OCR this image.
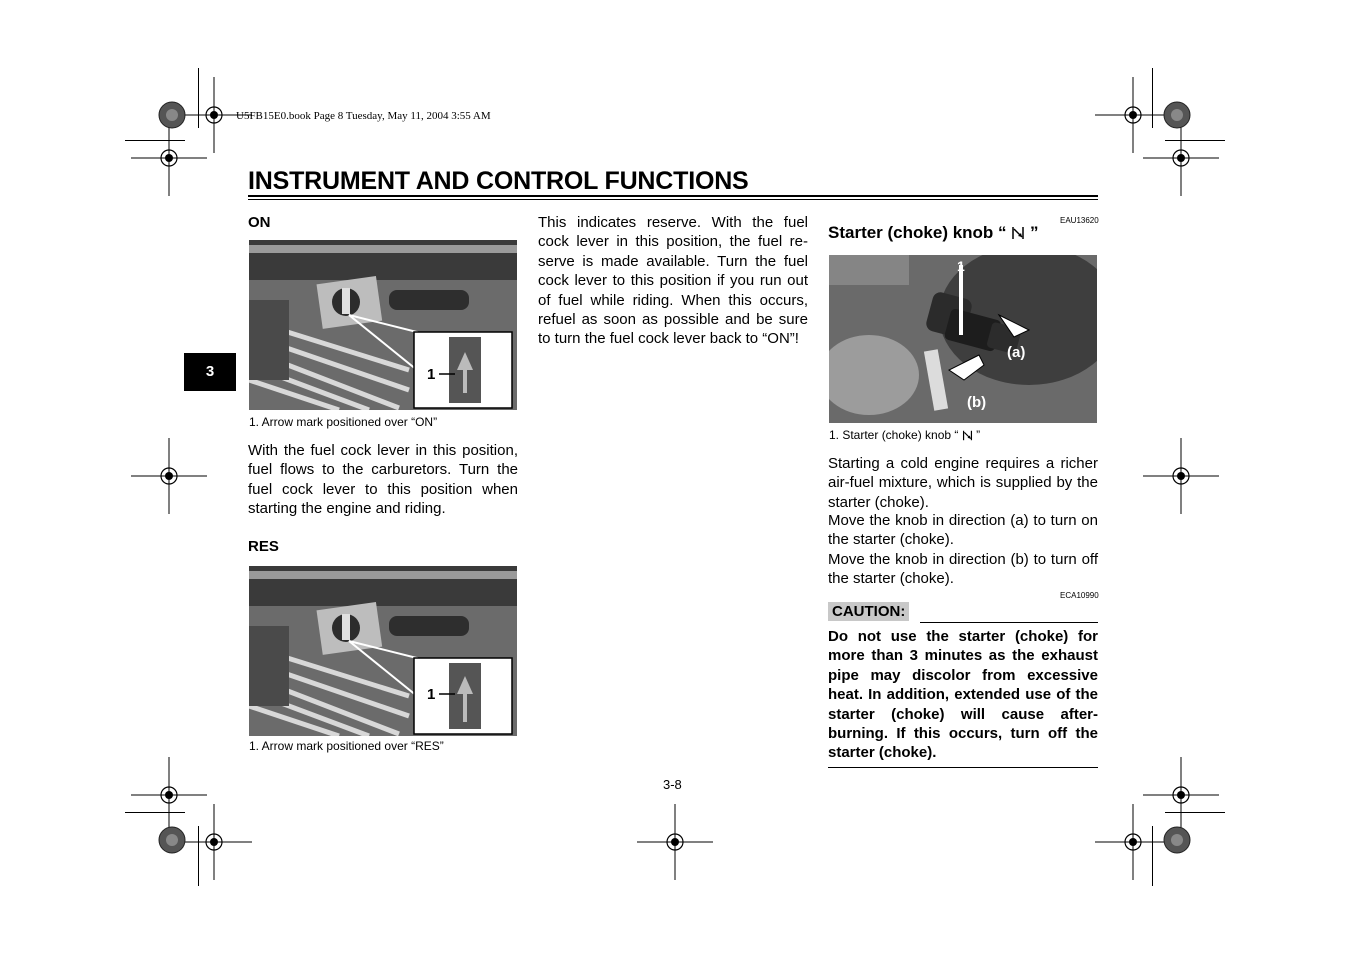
U5FB15E0.book Page 8 Tuesday, May 11, 2004 3:55 AM
INSTRUMENT AND CONTROL FUNCTIONS
3
ON
1
1. Arrow mark positioned over “ON”
With the fuel cock lever in this position, fuel flows to the carburetors. Turn the fuel cock lever to this position when starting the engine and riding.
RES
1
1. Arrow mark positioned over “RES”
This indicates reserve. With the fuel cock lever in this position, the fuel re-serve is made available. Turn the fuel cock lever to this position if you run out of fuel while riding. When this occurs, refuel as soon as possible and be sure to turn the fuel cock lever back to “ON”!
EAU13620
Starter (choke) knob “ ”
1
(a)
(b)
1. Starter (choke) knob “ ”
Starting a cold engine requires a richer air-fuel mixture, which is supplied by the starter (choke).
Move the knob in direction (a) to turn on the starter (choke).
Move the knob in direction (b) to turn off the starter (choke).
ECA10990
CAUTION:
Do not use the starter (choke) for more than 3 minutes as the exhaust pipe may discolor from excessive heat. In addition, extended use of the starter (choke) will cause after-burning. If this occurs, turn off the starter (choke).
3-8
